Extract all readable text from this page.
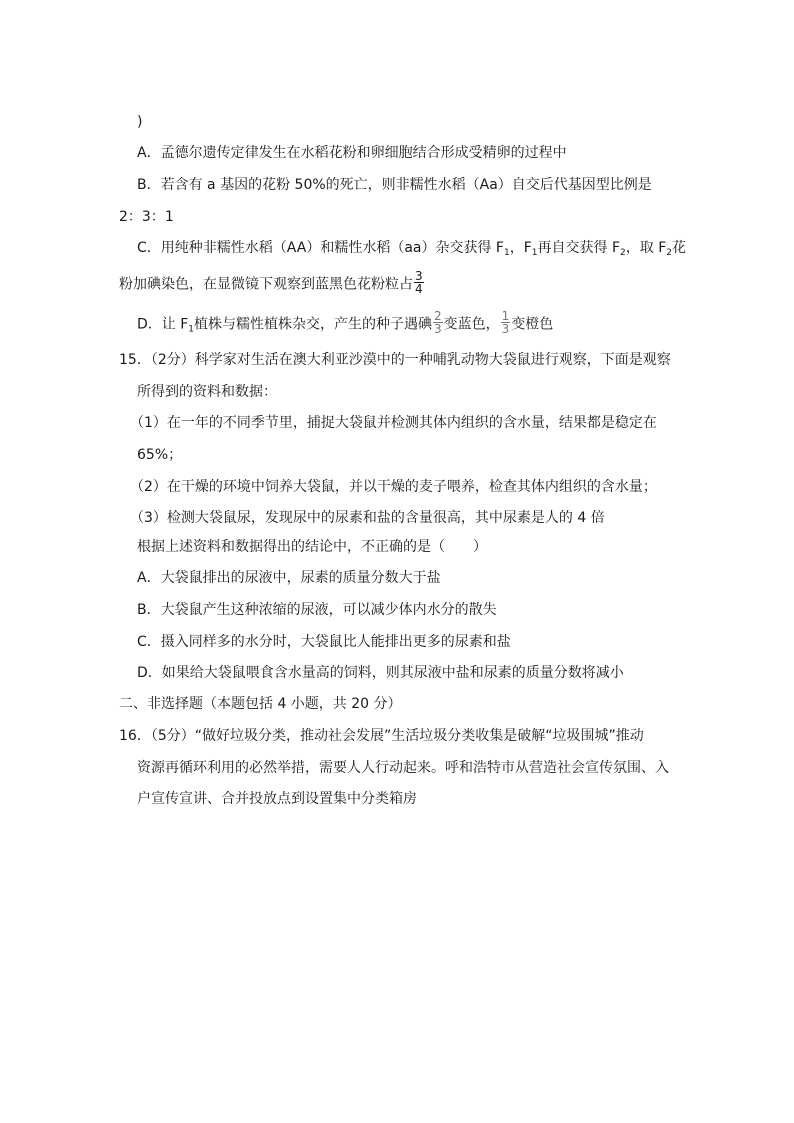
)
A．孟德尔遗传定律发生在水稻花粉和卵细胞结合形成受精卵的过程中
B．若含有 a 基因的花粉 50%的死亡，则非糯性水稻（Aa）自交后代基因型比例是
2：3：1
C．用纯种非糯性水稻（AA）和糯性水稻（aa）杂交获得 $F_1$，$F_1$再自交获得 $F_2$，取 $F_2$花
粉加碘染色，在显微镜下观察到蓝黑色花粉粒占 $\frac{3}{4}$
D．让 $F_1$植株与糯性植株杂交，产生的种子遇碘 $\frac{2}{3}$ 变蓝色， $\frac{1}{3}$ 变橙色
15．（2分）科学家对生活在澳大利亚沙漠中的一种哺乳动物大袋鼠进行观察，下面是观察
所得到的资料和数据：
（1）在一年的不同季节里，捕捉大袋鼠并检测其体内组织的含水量，结果都是稳定在
65%；
（2）在干燥的环境中饲养大袋鼠，并以干燥的麦子喂养，检查其体内组织的含水量；
（3）检测大袋鼠尿，发现尿中的尿素和盐的含量很高，其中尿素是人的 4 倍
根据上述资料和数据得出的结论中，不正确的是（　　）
A．大袋鼠排出的尿液中，尿素的质量分数大于盐
B．大袋鼠产生这种浓缩的尿液，可以减少体内水分的散失
C．摄入同样多的水分时，大袋鼠比人能排出更多的尿素和盐
D．如果给大袋鼠喂食含水量高的饲料，则其尿液中盐和尿素的质量分数将减小
二、非选择题（本题包括 4 小题，共 20 分）
16．（5分）“做好垃圾分类，推动社会发展”生活垃圾分类收集是破解“垃圾围城”推动
资源再循环利用的必然举措，需要人人行动起来。呼和浩特市从营造社会宣传氛围、入
户宣传宣讲、合并投放点到设置集中分类箱房
